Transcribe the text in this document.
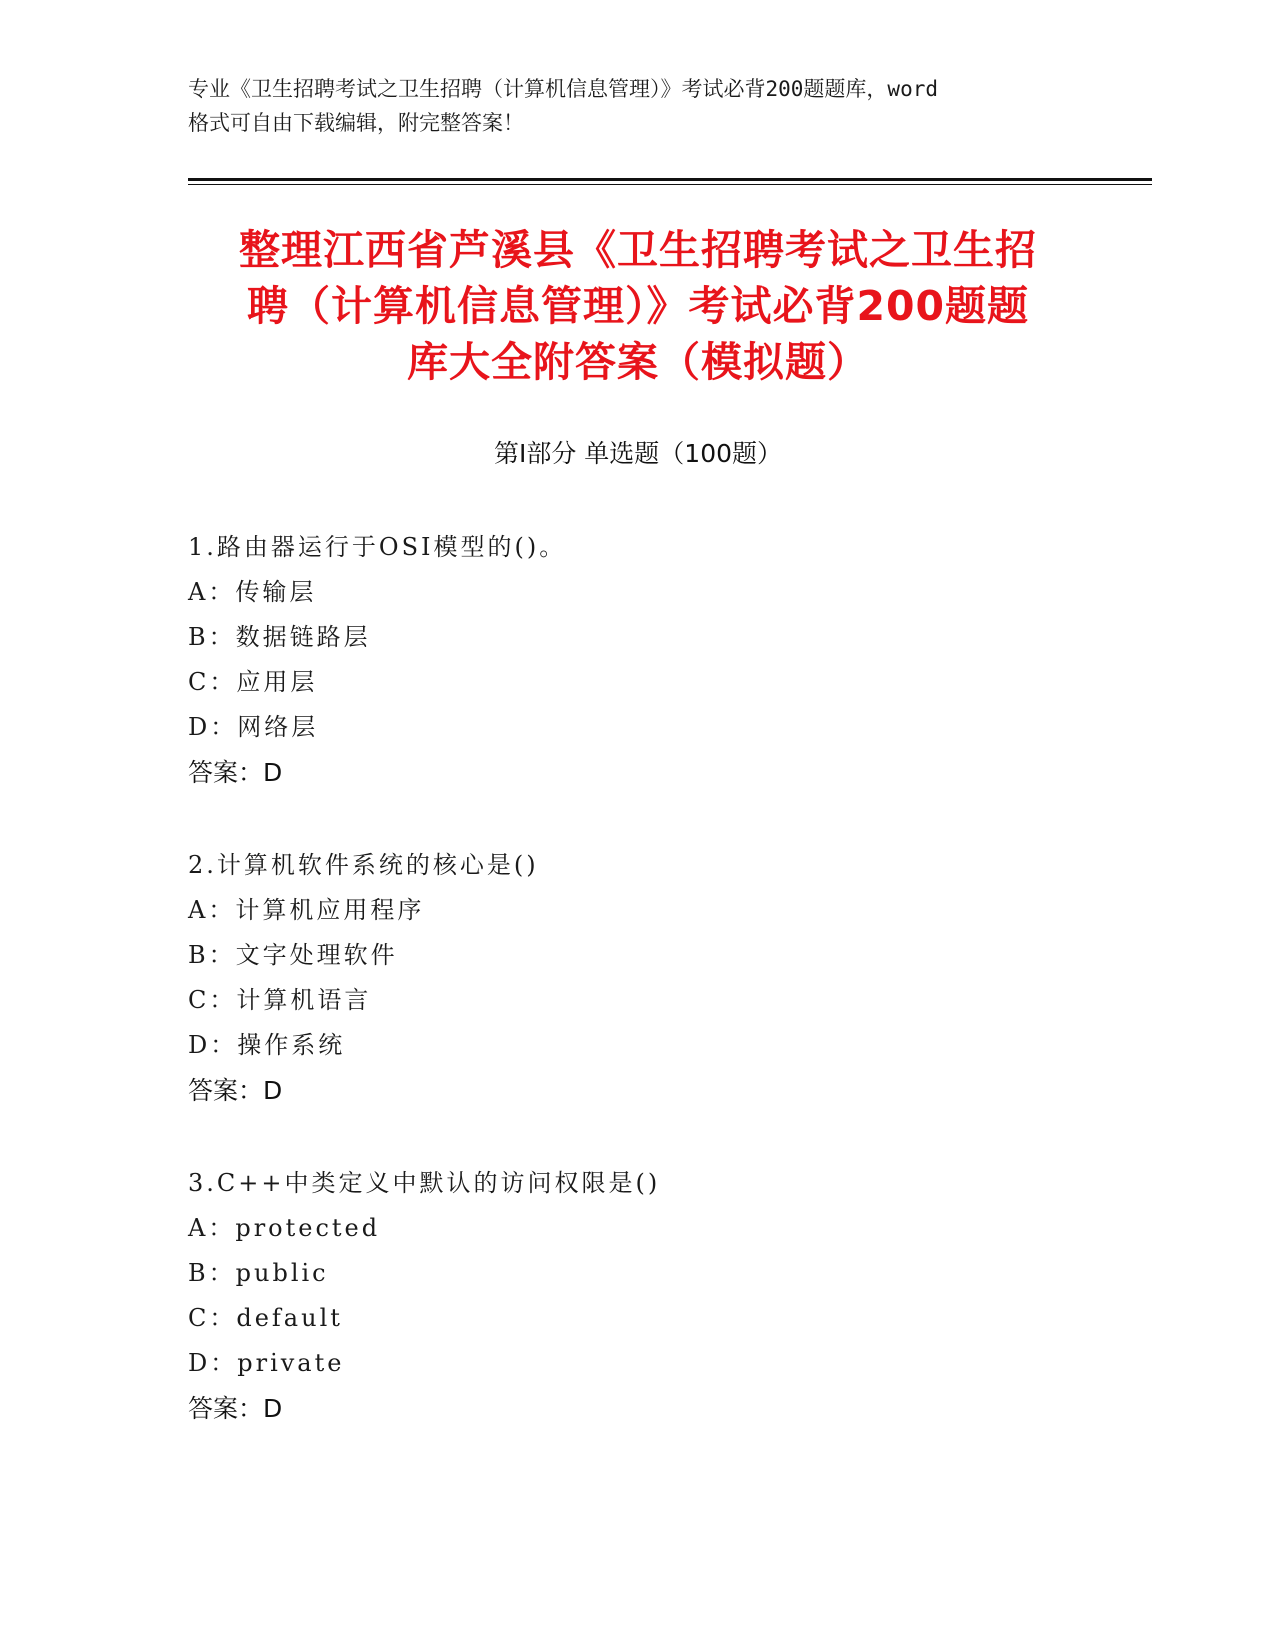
专业《卫生招聘考试之卫生招聘（计算机信息管理）》考试必背200题题库，word
格式可自由下载编辑，附完整答案！
整理江西省芦溪县《卫生招聘考试之卫生招
聘（计算机信息管理）》考试必背200题题
库大全附答案（模拟题）
第Ⅰ部分 单选题（100题）
1.路由器运行于OSI模型的()。
A：传输层
B：数据链路层
C：应用层
D：网络层
答案：D
2.计算机软件系统的核心是()
A：计算机应用程序
B：文字处理软件
C：计算机语言
D：操作系统
答案：D
3.C++中类定义中默认的访问权限是()
A：protected
B：public
C：default
D：private
答案：D
